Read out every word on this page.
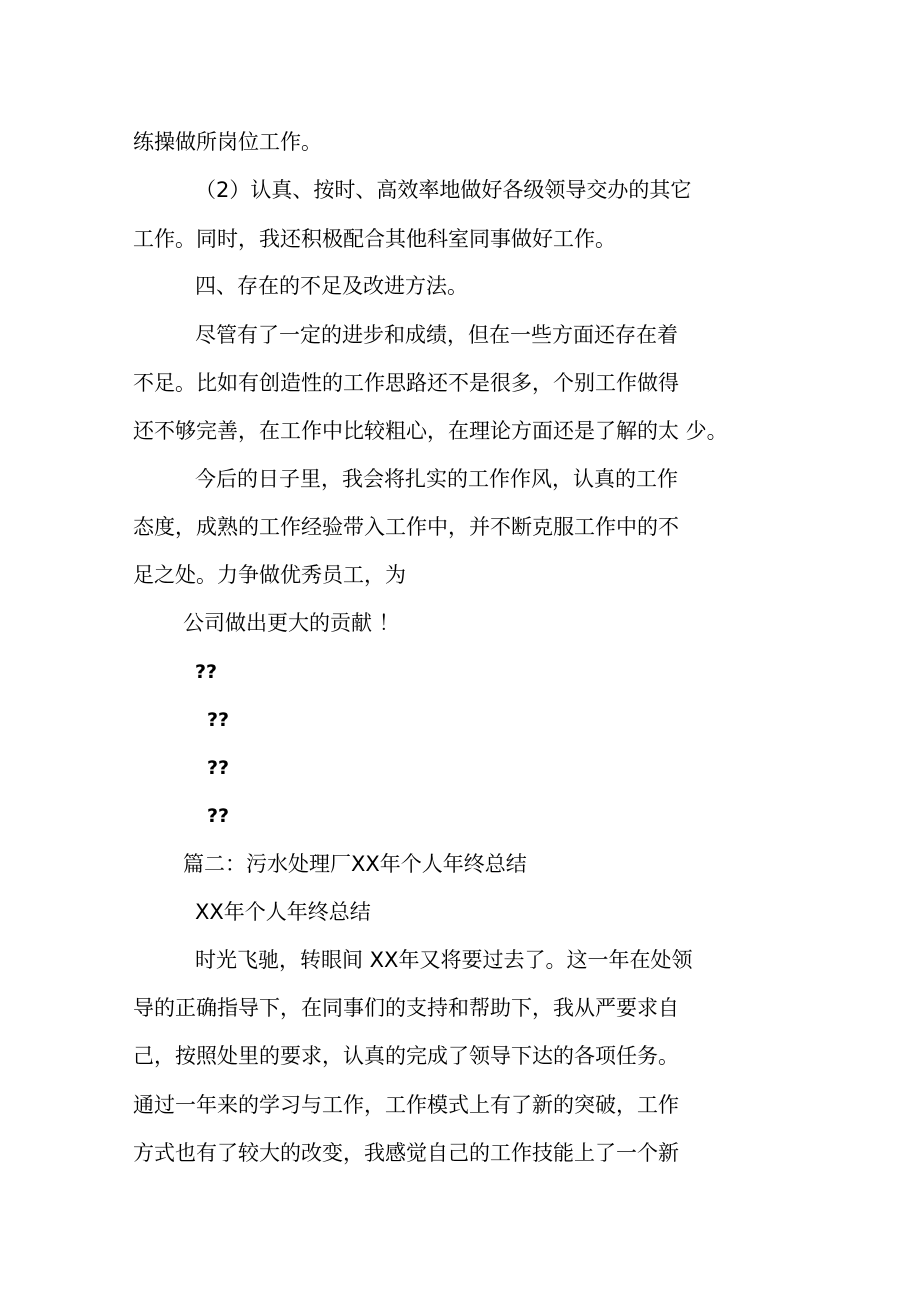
练操做所岗位工作。
（2）认真、按时、高效率地做好各级领导交办的其它
工作。同时，我还积极配合其他科室同事做好工作。
四、存在的不足及改进方法。
尽管有了一定的进步和成绩，但在一些方面还存在着
不足。比如有创造性的工作思路还不是很多，个别工作做得
还不够完善，在工作中比较粗心，在理论方面还是了解的太 少。
今后的日子里，我会将扎实的工作作风，认真的工作
态度，成熟的工作经验带入工作中，并不断克服工作中的不
足之处。力争做优秀员工，为
公司做出更大的贡献 ！
??
??
??
??
篇二：污水处理厂XX年个人年终总结
XX年个人年终总结
时光飞驰，转眼间 XX年又将要过去了。这一年在处领
导的正确指导下，在同事们的支持和帮助下，我从严要求自
己，按照处里的要求，认真的完成了领导下达的各项任务。
通过一年来的学习与工作，工作模式上有了新的突破，工作
方式也有了较大的改变，我感觉自己的工作技能上了一个新
